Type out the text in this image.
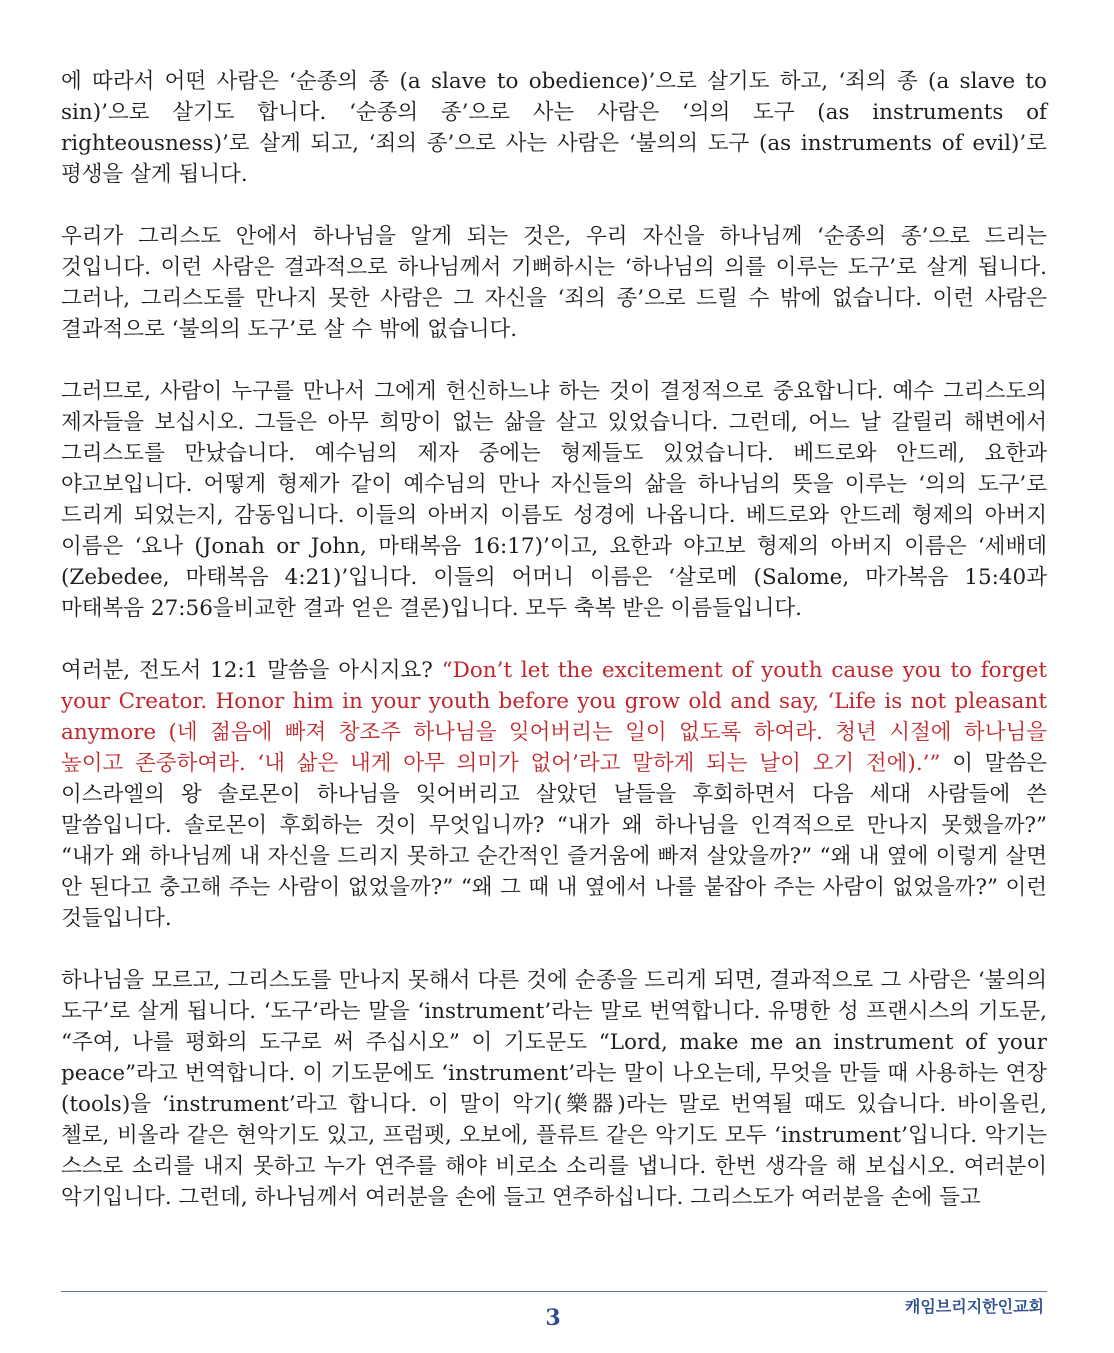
에 따라서 어떤 사람은 ‘순종의 종 (a slave to obedience)’으로 살기도 하고, ‘죄의 종 (a slave to sin)’으로 살기도 합니다. ‘순종의 종’으로 사는 사람은 ‘의의 도구 (as instruments of righteousness)’로 살게 되고, ‘죄의 종’으로 사는 사람은 ‘불의의 도구 (as instruments of evil)’로 평생을 살게 됩니다.

우리가 그리스도 안에서 하나님을 알게 되는 것은, 우리 자신을 하나님께 ‘순종의 종’으로 드리는 것입니다. 이런 사람은 결과적으로 하나님께서 기뻐하시는 ‘하나님의 의를 이루는 도구’로 살게 됩니다. 그러나, 그리스도를 만나지 못한 사람은 그 자신을 ‘죄의 종’으로 드릴 수 밖에 없습니다. 이런 사람은 결과적으로 ‘불의의 도구’로 살 수 밖에 없습니다.

그러므로, 사람이 누구를 만나서 그에게 헌신하느냐 하는 것이 결정적으로 중요합니다. 예수 그리스도의 제자들을 보십시오. 그들은 아무 희망이 없는 삶을 살고 있었습니다. 그런데, 어느 날 갈릴리 해변에서 그리스도를 만났습니다. 예수님의 제자 중에는 형제들도 있었습니다. 베드로와 안드레, 요한과 야고보입니다. 어떻게 형제가 같이 예수님의 만나 자신들의 삶을 하나님의 뜻을 이루는 ‘의의 도구’로 드리게 되었는지, 감동입니다. 이들의 아버지 이름도 성경에 나옵니다. 베드로와 안드레 형제의 아버지 이름은 ‘요나 (Jonah or John, 마태복음 16:17)’이고, 요한과 야고보 형제의 아버지 이름은 ‘세배데 (Zebedee, 마태복음 4:21)’입니다. 이들의 어머니 이름은 ‘살로메 (Salome, 마가복음 15:40과 마태복음 27:56을비교한 결과 얻은 결론)입니다. 모두 축복 받은 이름들입니다.

여러분, 전도서 12:1 말씀을 아시지요? “Don’t let the excitement of youth cause you to forget your Creator. Honor him in your youth before you grow old and say, ‘Life is not pleasant anymore (네 젊음에 빠져 창조주 하나님을 잊어버리는 일이 없도록 하여라. 청년 시절에 하나님을 높이고 존중하여라. ‘내 삶은 내게 아무 의미가 없어’라고 말하게 되는 날이 오기 전에).’” 이 말씀은 이스라엘의 왕 솔로몬이 하나님을 잊어버리고 살았던 날들을 후회하면서 다음 세대 사람들에 쓴 말씀입니다. 솔로몬이 후회하는 것이 무엇입니까? “내가 왜 하나님을 인격적으로 만나지 못했을까?” “내가 왜 하나님께 내 자신을 드리지 못하고 순간적인 즐거움에 빠져 살았을까?” “왜 내 옆에 이렇게 살면 안 된다고 충고해 주는 사람이 없었을까?” “왜 그 때 내 옆에서 나를 붙잡아 주는 사람이 없었을까?” 이런 것들입니다.

하나님을 모르고, 그리스도를 만나지 못해서 다른 것에 순종을 드리게 되면, 결과적으로 그 사람은 ‘불의의 도구’로 살게 됩니다. ‘도구’라는 말을 ‘instrument’라는 말로 번역합니다. 유명한 성 프랜시스의 기도문, “주여, 나를 평화의 도구로 써 주십시오” 이 기도문도 “Lord, make me an instrument of your peace”라고 번역합니다. 이 기도문에도 ‘instrument’라는 말이 나오는데, 무엇을 만들 때 사용하는 연장 (tools)을 ‘instrument’라고 합니다. 이 말이 악기(樂器)라는 말로 번역될 때도 있습니다. 바이올린, 첼로, 비올라 같은 현악기도 있고, 프럼펫, 오보에, 플류트 같은 악기도 모두 ‘instrument’입니다. 악기는 스스로 소리를 내지 못하고 누가 연주를 해야 비로소 소리를 냅니다. 한번 생각을 해 보십시오. 여러분이 악기입니다. 그런데, 하나님께서 여러분을 손에 들고 연주하십니다. 그리스도가 여러분을 손에 들고

캐임브리지한인교회
3
